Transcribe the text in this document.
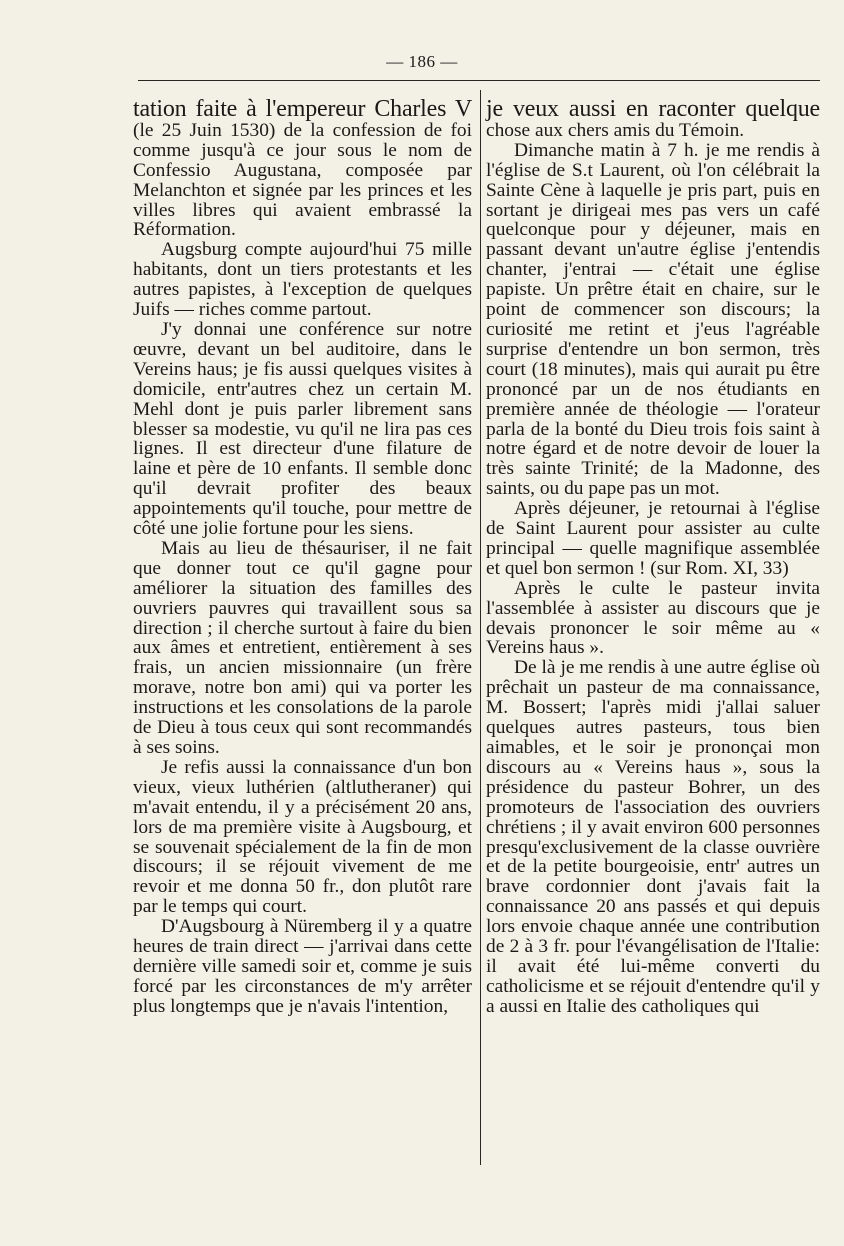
— 186 —

tation faite à l'empereur Charles V (le 25 Juin 1530) de la confession de foi comme jusqu'à ce jour sous le nom de Confessio Augustana, composée par Melanchton et signée par les princes et les villes libres qui avaient embrassé la Réformation.

Augsburg compte aujourd'hui 75 mille habitants, dont un tiers protestants et les autres papistes, à l'exception de quelques Juifs — riches comme partout.

J'y donnai une conférence sur notre œuvre, devant un bel auditoire, dans le Vereins haus; je fis aussi quelques visites à domicile, entr'autres chez un certain M. Mehl dont je puis parler librement sans blesser sa modestie, vu qu'il ne lira pas ces lignes. Il est directeur d'une filature de laine et père de 10 enfants. Il semble donc qu'il devrait profiter des beaux appointements qu'il touche, pour mettre de côté une jolie fortune pour les siens.

Mais au lieu de thésauriser, il ne fait que donner tout ce qu'il gagne pour améliorer la situation des familles des ouvriers pauvres qui travaillent sous sa direction ; il cherche surtout à faire du bien aux âmes et entretient, entièrement à ses frais, un ancien missionnaire (un frère morave, notre bon ami) qui va porter les instructions et les consolations de la parole de Dieu à tous ceux qui sont recommandés à ses soins.

Je refis aussi la connaissance d'un bon vieux, vieux luthérien (altlutheraner) qui m'avait entendu, il y a précisément 20 ans, lors de ma première visite à Augsbourg, et se souvenait spécialement de la fin de mon discours; il se réjouit vivement de me revoir et me donna 50 fr., don plutôt rare par le temps qui court.

D'Augsbourg à Nüremberg il y a quatre heures de train direct — j'arrivai dans cette dernière ville samedi soir et, comme je suis forcé par les circonstances de m'y arrêter plus longtemps que je n'avais l'intention,

je veux aussi en raconter quelque chose aux chers amis du Témoin.

Dimanche matin à 7 h. je me rendis à l'église de S.t Laurent, où l'on célébrait la Sainte Cène à laquelle je pris part, puis en sortant je dirigeai mes pas vers un café quelconque pour y déjeuner, mais en passant devant un'autre église j'entendis chanter, j'entrai — c'était une église papiste. Un prêtre était en chaire, sur le point de commencer son discours; la curiosité me retint et j'eus l'agréable surprise d'entendre un bon sermon, très court (18 minutes), mais qui aurait pu être prononcé par un de nos étudiants en première année de théologie — l'orateur parla de la bonté du Dieu trois fois saint à notre égard et de notre devoir de louer la très sainte Trinité; de la Madonne, des saints, ou du pape pas un mot.

Après déjeuner, je retournai à l'église de Saint Laurent pour assister au culte principal — quelle magnifique assemblée et quel bon sermon ! (sur Rom. XI, 33)

Après le culte le pasteur invita l'assemblée à assister au discours que je devais prononcer le soir même au « Vereins haus ».

De là je me rendis à une autre église où prêchait un pasteur de ma connaissance, M. Bossert; l'après midi j'allai saluer quelques autres pasteurs, tous bien aimables, et le soir je prononçai mon discours au « Vereins haus », sous la présidence du pasteur Bohrer, un des promoteurs de l'association des ouvriers chrétiens ; il y avait environ 600 personnes presqu'exclusivement de la classe ouvrière et de la petite bourgeoisie, entr' autres un brave cordonnier dont j'avais fait la connaissance 20 ans passés et qui depuis lors envoie chaque année une contribution de 2 à 3 fr. pour l'évangélisation de l'Italie: il avait été lui-même converti du catholicisme et se réjouit d'entendre qu'il y a aussi en Italie des catholiques qui
